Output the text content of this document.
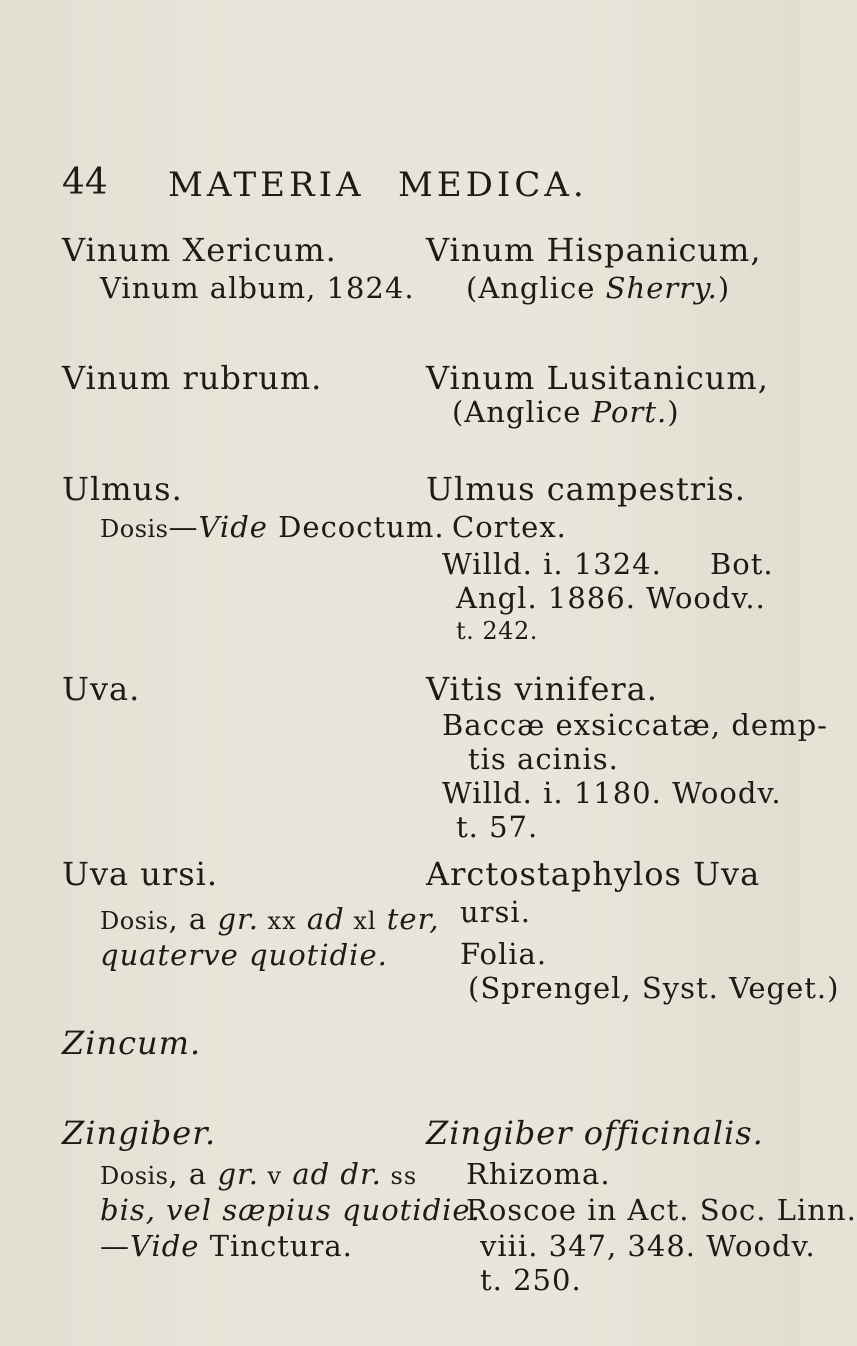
44 MATERIA MEDICA.
Vinum Xericum.
Vinum album, 1824.
Vinum rubrum.
Ulmus.
Dosis—Vide Decoctum.
Uva.
Uva ursi.
Dosis, a gr. xx ad xl ter,
quaterve quotidie.
Zincum.
Zingiber.
Dosis, a gr. v ad dr. ss
bis, vel sæpius quotidie.
—Vide Tinctura.
Vinum Hispanicum,
(Anglice Sherry.)
Vinum Lusitanicum,
(Anglice Port.)
Ulmus campestris.
Cortex.
Willd. i. 1324. Bot.
Angl. 1886. Woodv..
t. 242.
Vitis vinifera.
Baccæ exsiccatæ, demp-
tis acinis.
Willd. i. 1180. Woodv.
t. 57.
Arctostaphylos Uva
ursi.
Folia.
(Sprengel, Syst. Veget.)
Zingiber officinalis.
Rhizoma.
Roscoe in Act. Soc. Linn.
viii. 347, 348. Woodv.
t. 250.
